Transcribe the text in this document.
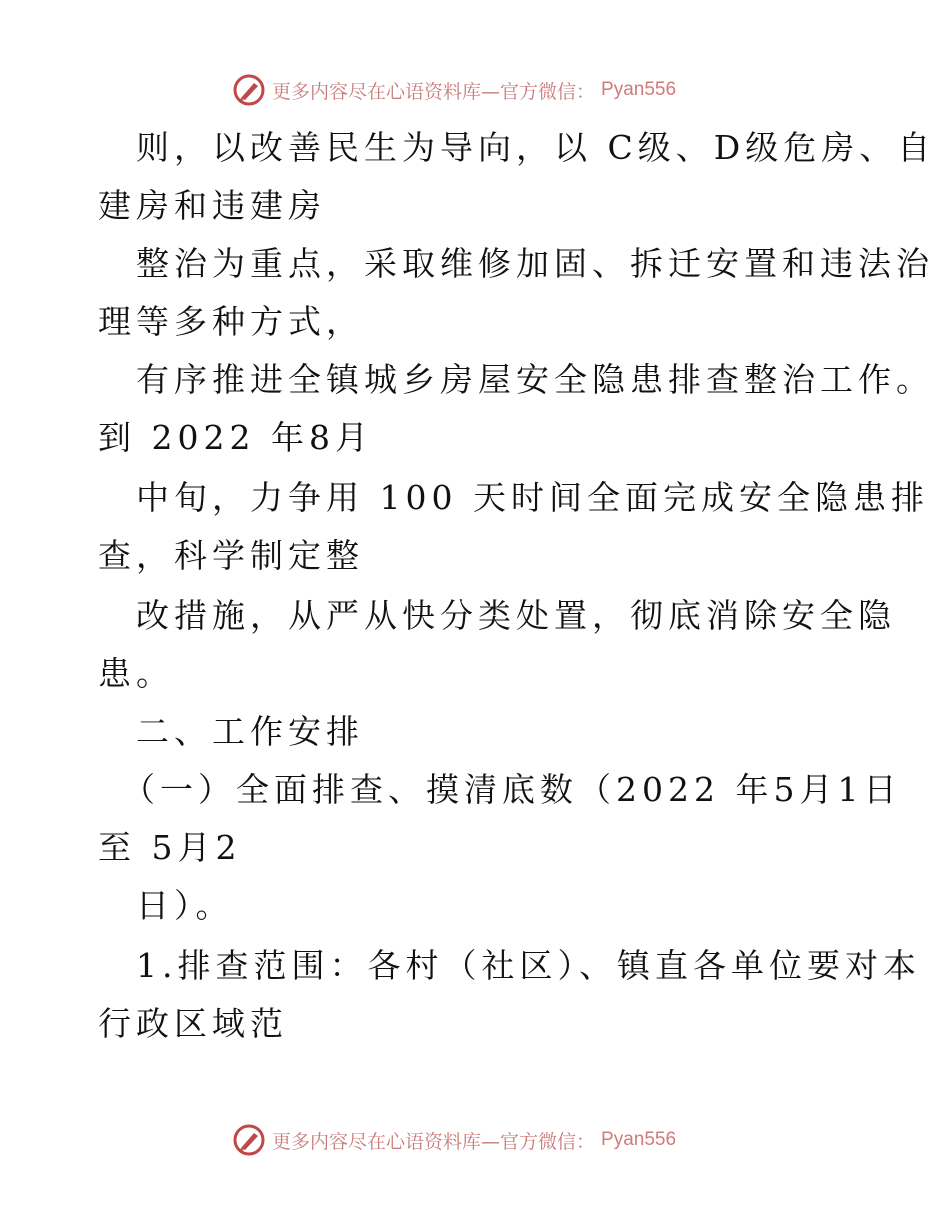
更多内容尽在心语资料库—官方微信： Pyan556
则，以改善民生为导向，以 C级、D级危房、自
建房和违建房
整治为重点，采取维修加固、拆迁安置和违法治
理等多种方式，
有序推进全镇城乡房屋安全隐患排查整治工作。
到 2022 年8月
中旬，力争用 100 天时间全面完成安全隐患排
查，科学制定整
改措施，从严从快分类处置，彻底消除安全隐
患。
二、工作安排
（一）全面排查、摸清底数（2022 年5月1日
至 5月2
日）。
1.排查范围：各村（社区）、镇直各单位要对本
行政区域范
更多内容尽在心语资料库—官方微信： Pyan556
